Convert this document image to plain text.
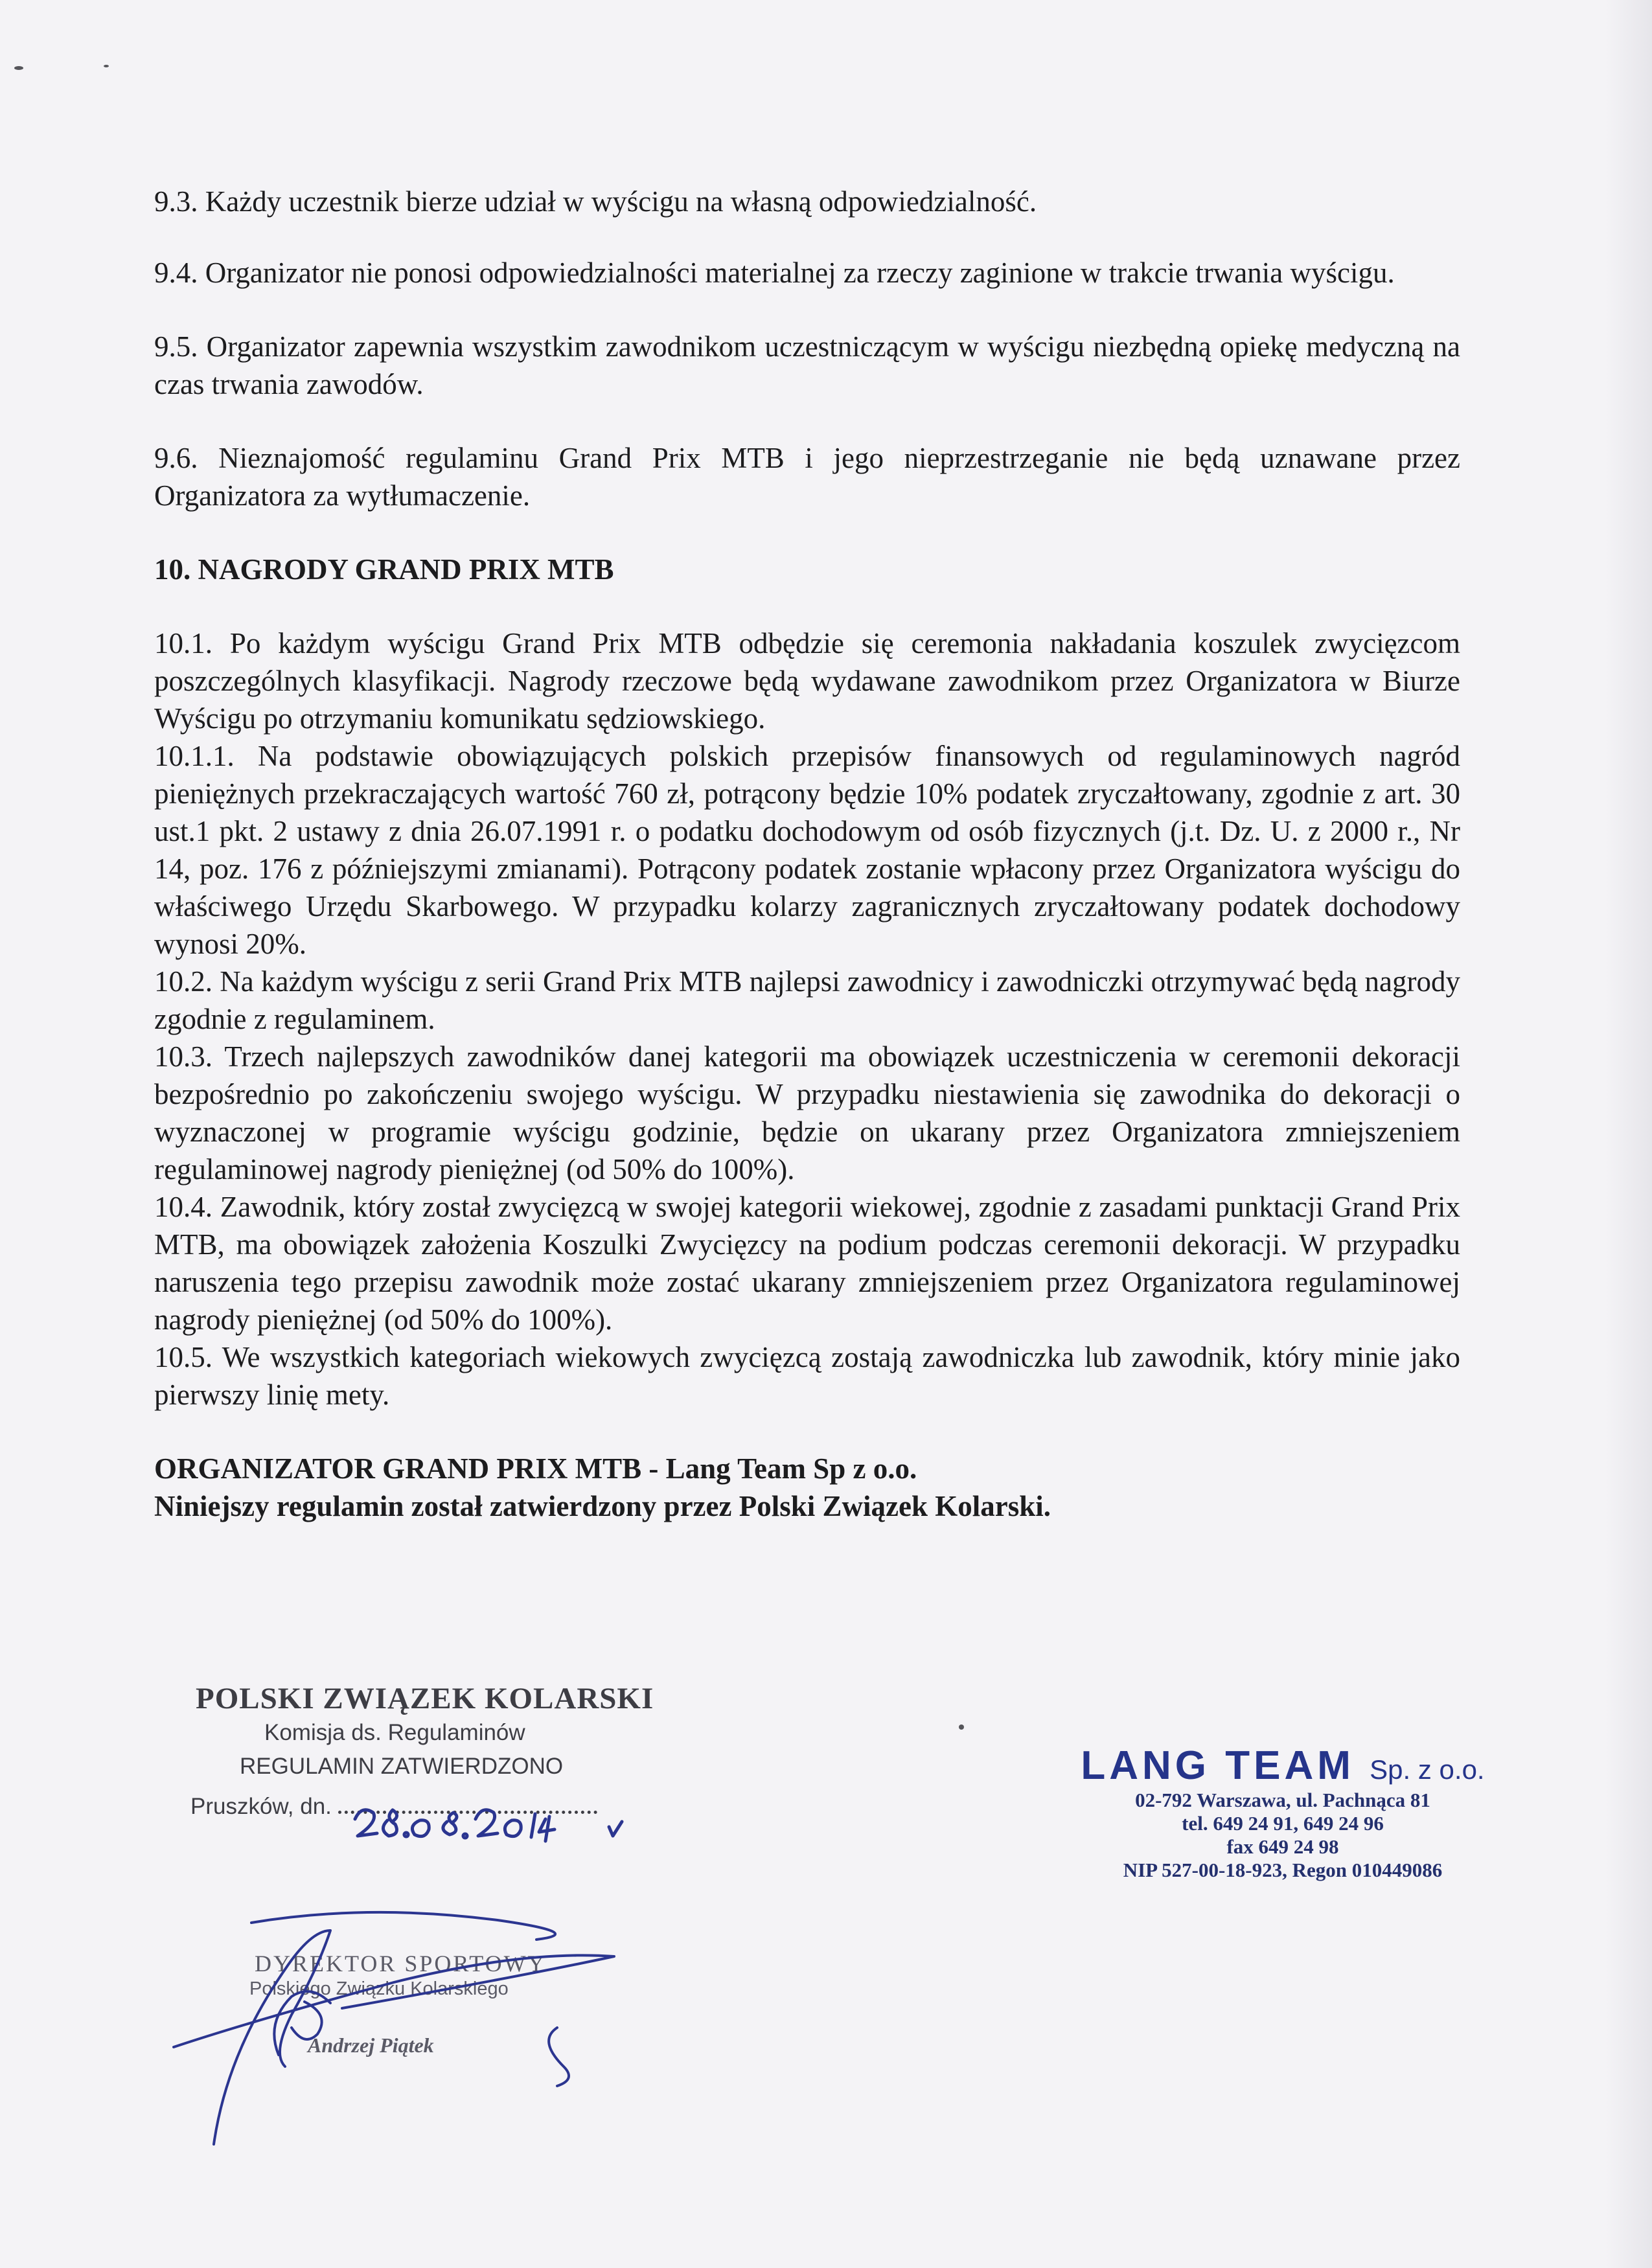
9.3. Każdy uczestnik bierze udział w wyścigu na własną odpowiedzialność.

9.4. Organizator nie ponosi odpowiedzialności materialnej za rzeczy zaginione w trakcie trwania wyścigu.

9.5. Organizator zapewnia wszystkim zawodnikom uczestniczącym w wyścigu niezbędną opiekę medyczną na czas trwania zawodów.

9.6. Nieznajomość regulaminu Grand Prix MTB i jego nieprzestrzeganie nie będą uznawane przez Organizatora za wytłumaczenie.

10. NAGRODY GRAND PRIX MTB

10.1. Po każdym wyścigu Grand Prix MTB odbędzie się ceremonia nakładania koszulek zwycięzcom poszczególnych klasyfikacji. Nagrody rzeczowe będą wydawane zawodnikom przez Organizatora w Biurze Wyścigu po otrzymaniu komunikatu sędziowskiego.

10.1.1. Na podstawie obowiązujących polskich przepisów finansowych od regulaminowych nagród pieniężnych przekraczających wartość 760 zł, potrącony będzie 10% podatek zryczałtowany, zgodnie z art. 30 ust.1 pkt. 2 ustawy z dnia 26.07.1991 r. o podatku dochodowym od osób fizycznych (j.t. Dz. U. z 2000 r., Nr 14, poz. 176 z późniejszymi zmianami). Potrącony podatek zostanie wpłacony przez Organizatora wyścigu do właściwego Urzędu Skarbowego. W przypadku kolarzy zagranicznych zryczałtowany podatek dochodowy wynosi 20%.

10.2. Na każdym wyścigu z serii Grand Prix MTB najlepsi zawodnicy i zawodniczki otrzymywać będą nagrody zgodnie z regulaminem.

10.3. Trzech najlepszych zawodników danej kategorii ma obowiązek uczestniczenia w ceremonii dekoracji bezpośrednio po zakończeniu swojego wyścigu. W przypadku niestawienia się zawodnika do dekoracji o wyznaczonej w programie wyścigu godzinie, będzie on ukarany przez Organizatora zmniejszeniem regulaminowej nagrody pieniężnej (od 50% do 100%).

10.4. Zawodnik, który został zwycięzcą w swojej kategorii wiekowej, zgodnie z zasadami punktacji Grand Prix MTB, ma obowiązek założenia Koszulki Zwycięzcy na podium podczas ceremonii dekoracji. W przypadku naruszenia tego przepisu zawodnik może zostać ukarany zmniejszeniem przez Organizatora regulaminowej nagrody pieniężnej (od 50% do 100%).

10.5. We wszystkich kategoriach wiekowych zwycięzcą zostają zawodniczka lub zawodnik, który minie jako pierwszy linię mety.

ORGANIZATOR GRAND PRIX MTB - Lang Team Sp z o.o.

Niniejszy regulamin został zatwierdzony przez Polski Związek Kolarski.

POLSKI ZWIĄZEK KOLARSKI
Komisja ds. Regulaminów
REGULAMIN ZATWIERDZONO
Pruszków, dn.
LANG TEAM Sp. z o.o.
02-792 Warszawa, ul. Pachnąca 81
tel. 649 24 91, 649 24 96
fax 649 24 98
NIP 527-00-18-923, Regon 010449086
DYREKTOR SPORTOWY
Polskiego Związku Kolarskiego
Andrzej Piątek
